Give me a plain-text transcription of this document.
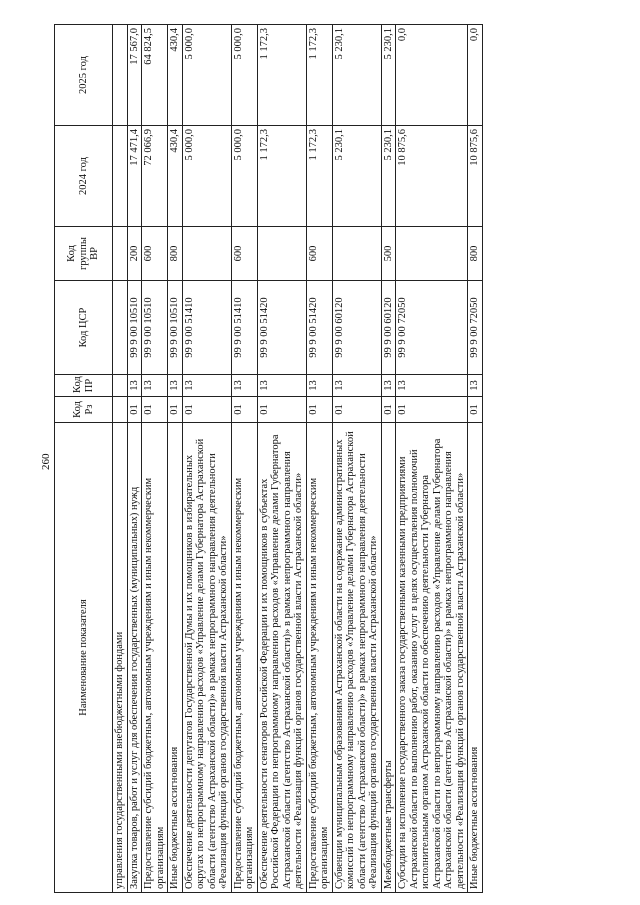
260
Наименование показателя	Код Рз	Код ПР	Код ЦСР	Код группы ВР	2024 год	2025 год
управления государственными внебюджетными фондами						
Закупка товаров, работ и услуг для обеспечения государственных (муниципальных) нужд	01	13	99 9 00 10510	200	17 471,4	17 567,0
Предоставление субсидий бюджетным, автономным учреждениям и иным некоммерческим организациям	01	13	99 9 00 10510	600	72 066,9	64 824,5
Иные бюджетные ассигнования	01	13	99 9 00 10510	800	430,4	430,4
Обеспечение деятельности депутатов Государственной Думы и их помощников в избирательных округах по непрограммному направлению расходов «Управление делами Губернатора Астраханской области (агентство Астраханской области)» в рамках непрограммного направления деятельности «Реализация функций органов государственной власти Астраханской области»	01	13	99 9 00 51410		5 000,0	5 000,0
Предоставление субсидий бюджетным, автономным учреждениям и иным некоммерческим организациям	01	13	99 9 00 51410	600	5 000,0	5 000,0
Обеспечение деятельности сенаторов Российской Федерации и их помощников в субъектах Российской Федерации по непрограммному направлению расходов «Управление делами Губернатора Астраханской области (агентство Астраханской области)» в рамках непрограммного направления деятельности «Реализация функций органов государственной власти Астраханской области»	01	13	99 9 00 51420		1 172,3	1 172,3
Предоставление субсидий бюджетным, автономным учреждениям и иным некоммерческим организациям	01	13	99 9 00 51420	600	1 172,3	1 172,3
Субвенции муниципальным образованиям Астраханской области на содержание административных комиссий по непрограммному направлению расходов «Управление делами Губернатора Астраханской области (агентство Астраханской области)» в рамках непрограммного направления деятельности «Реализация функций органов государственной власти Астраханской области»	01	13	99 9 00 60120		5 230,1	5 230,1
Межбюджетные трансферты	01	13	99 9 00 60120	500	5 230,1	5 230,1
Субсидии на исполнение государственного заказа государственными казенными предприятиями Астраханской области по выполнению работ, оказанию услуг в целях осуществления полномочий исполнительным органом Астраханской области по обеспечению деятельности Губернатора Астраханской области по непрограммному направлению расходов «Управление делами Губернатора Астраханской области (агентство Астраханской области)» в рамках непрограммного направления деятельности «Реализация функций органов государственной власти Астраханской области»	01	13	99 9 00 72050		10 875,6	0,0
Иные бюджетные ассигнования	01	13	99 9 00 72050	800	10 875,6	0,0
